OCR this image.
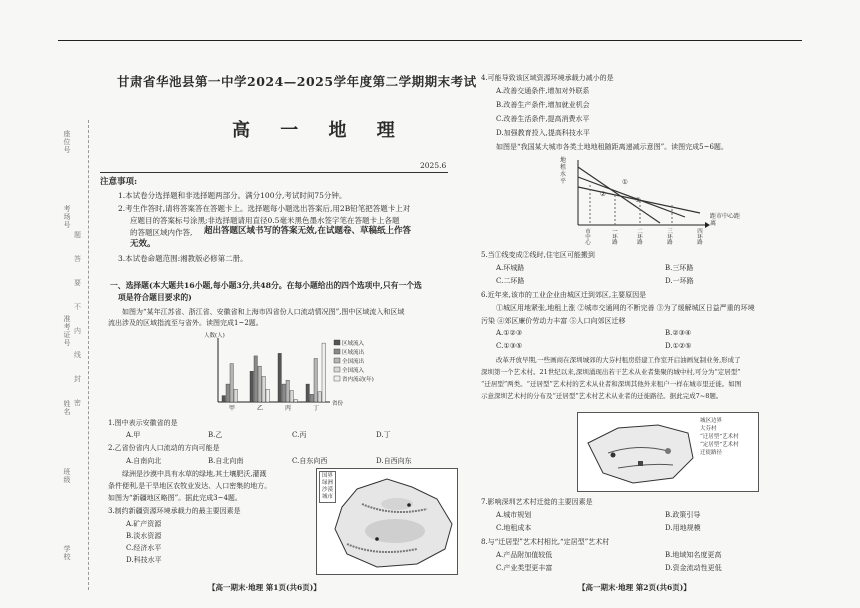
座位号
考场号
准考证号
姓名
班级
学校
题
答
要
不
内
线
封
密
甘肃省华池县第一中学2024—2025学年度第二学期期末考试
高 一 地 理
2025.6
注意事项:
1.本试卷分选择题和非选择题两部分。满分100分,考试时间75分钟。
2.考生作答时,请将答案答在答题卡上。选择题每小题选出答案后,用2B铅笔把答题卡上对
应题目的答案标号涂黑;非选择题请用直径0.5毫米黑色墨水签字笔在答题卡上各题
的答题区域内作答, 超出答题区域书写的答案无效,在试题卷、草稿纸上作答
无效。
3.本试卷命题范围:湘教版必修第二册。
一、选择题(本大题共16小题,每小题3分,共48分。在每小题给出的四个选项中,只有一个选
项是符合题目要求的)
如图为“某年江苏省、浙江省、安徽省和上海市四省份人口流动情况图”,图中区域流入和区域
流出涉及的区域指流至与省外。读图完成1~2题。
人数(人)
省份
甲	乙	丙	丁
区域流入
区域流出
全国流出
全国流入
省内流动(年)
1.图中表示安徽省的是
A.甲	B.乙	C.丙	D.丁
2.乙省份省内人口流动的方向可能是
A.自南向北	B.自北向南	C.自东向西	D.自西向东
绿洲是沙漠中具有水草的绿地,其土壤肥沃,灌溉
条件便利,是干旱地区农牧业发达、人口密集的地方。
如图为“新疆地区略图”。据此完成3~4题。
3.制约新疆资源环境承载力的最主要因素是
A.矿产资源
B.淡水资源
C.经济水平
D.科技水平
国界
绿洲
沙漠
城市
【高一期末·地理 第1页(共6页)】
4.可能导致该区域资源环境承载力减小的是
A.改善交通条件,增加对外联系
B.改善生产条件,增加就业机会
C.改善生活条件,提高消费水平
D.加强教育投入,提高科技水平
如图是“我国某大城市各类土地地租随距离递减示意图”。读图完成5~6题。
地租水平	①
②
③
距市中心距离
市中心	一环路	二环路	三环路	四环路
5.当①线变成②线时,住宅区可能搬到
A.环城路	B.三环路
C.二环路	D.一环路
6.近年来,该市的工业企业由城区迁到郊区,主要原因是
①城区用地紧张,地租上涨 ②城市交通网的不断完善 ③为了缓解城区日益严重的环境
污染 ④郊区廉价劳动力丰富 ⑤人口向郊区迁移
A.①②③	B.②③④
C.①③⑤	D.①②⑤
改革开放早期,一些画商在深圳城郊的大芬村租房搭建工作室开启油画复制业务,形成了
深圳第一个艺术村。21世纪以来,深圳涌现出若干艺术从业者集聚的城中村,可分为“定居型”
“迁居型”两类。“迁居型”艺术村的艺术从业者和深圳其他外来租户一样在城市里迁徙。如图
示意深圳艺术村的分布及“迁居型”艺术村艺术从业者的迁徙路径。据此完成7~8题。
城区边界
大芬村
“迁居型”艺术村
“定居型”艺术村
迁徙路径
7.影响深圳艺术村迁徙的主要因素是
A.城市规划	B.政策引导
C.地租成本	D.用地规模
8.与“迁居型”艺术村相比,“定居型”艺术村
A.产品附加值较低	B.地域知名度更高
C.产业类型更丰富	D.资金流动性更低
【高一期末·地理 第2页(共6页)】
